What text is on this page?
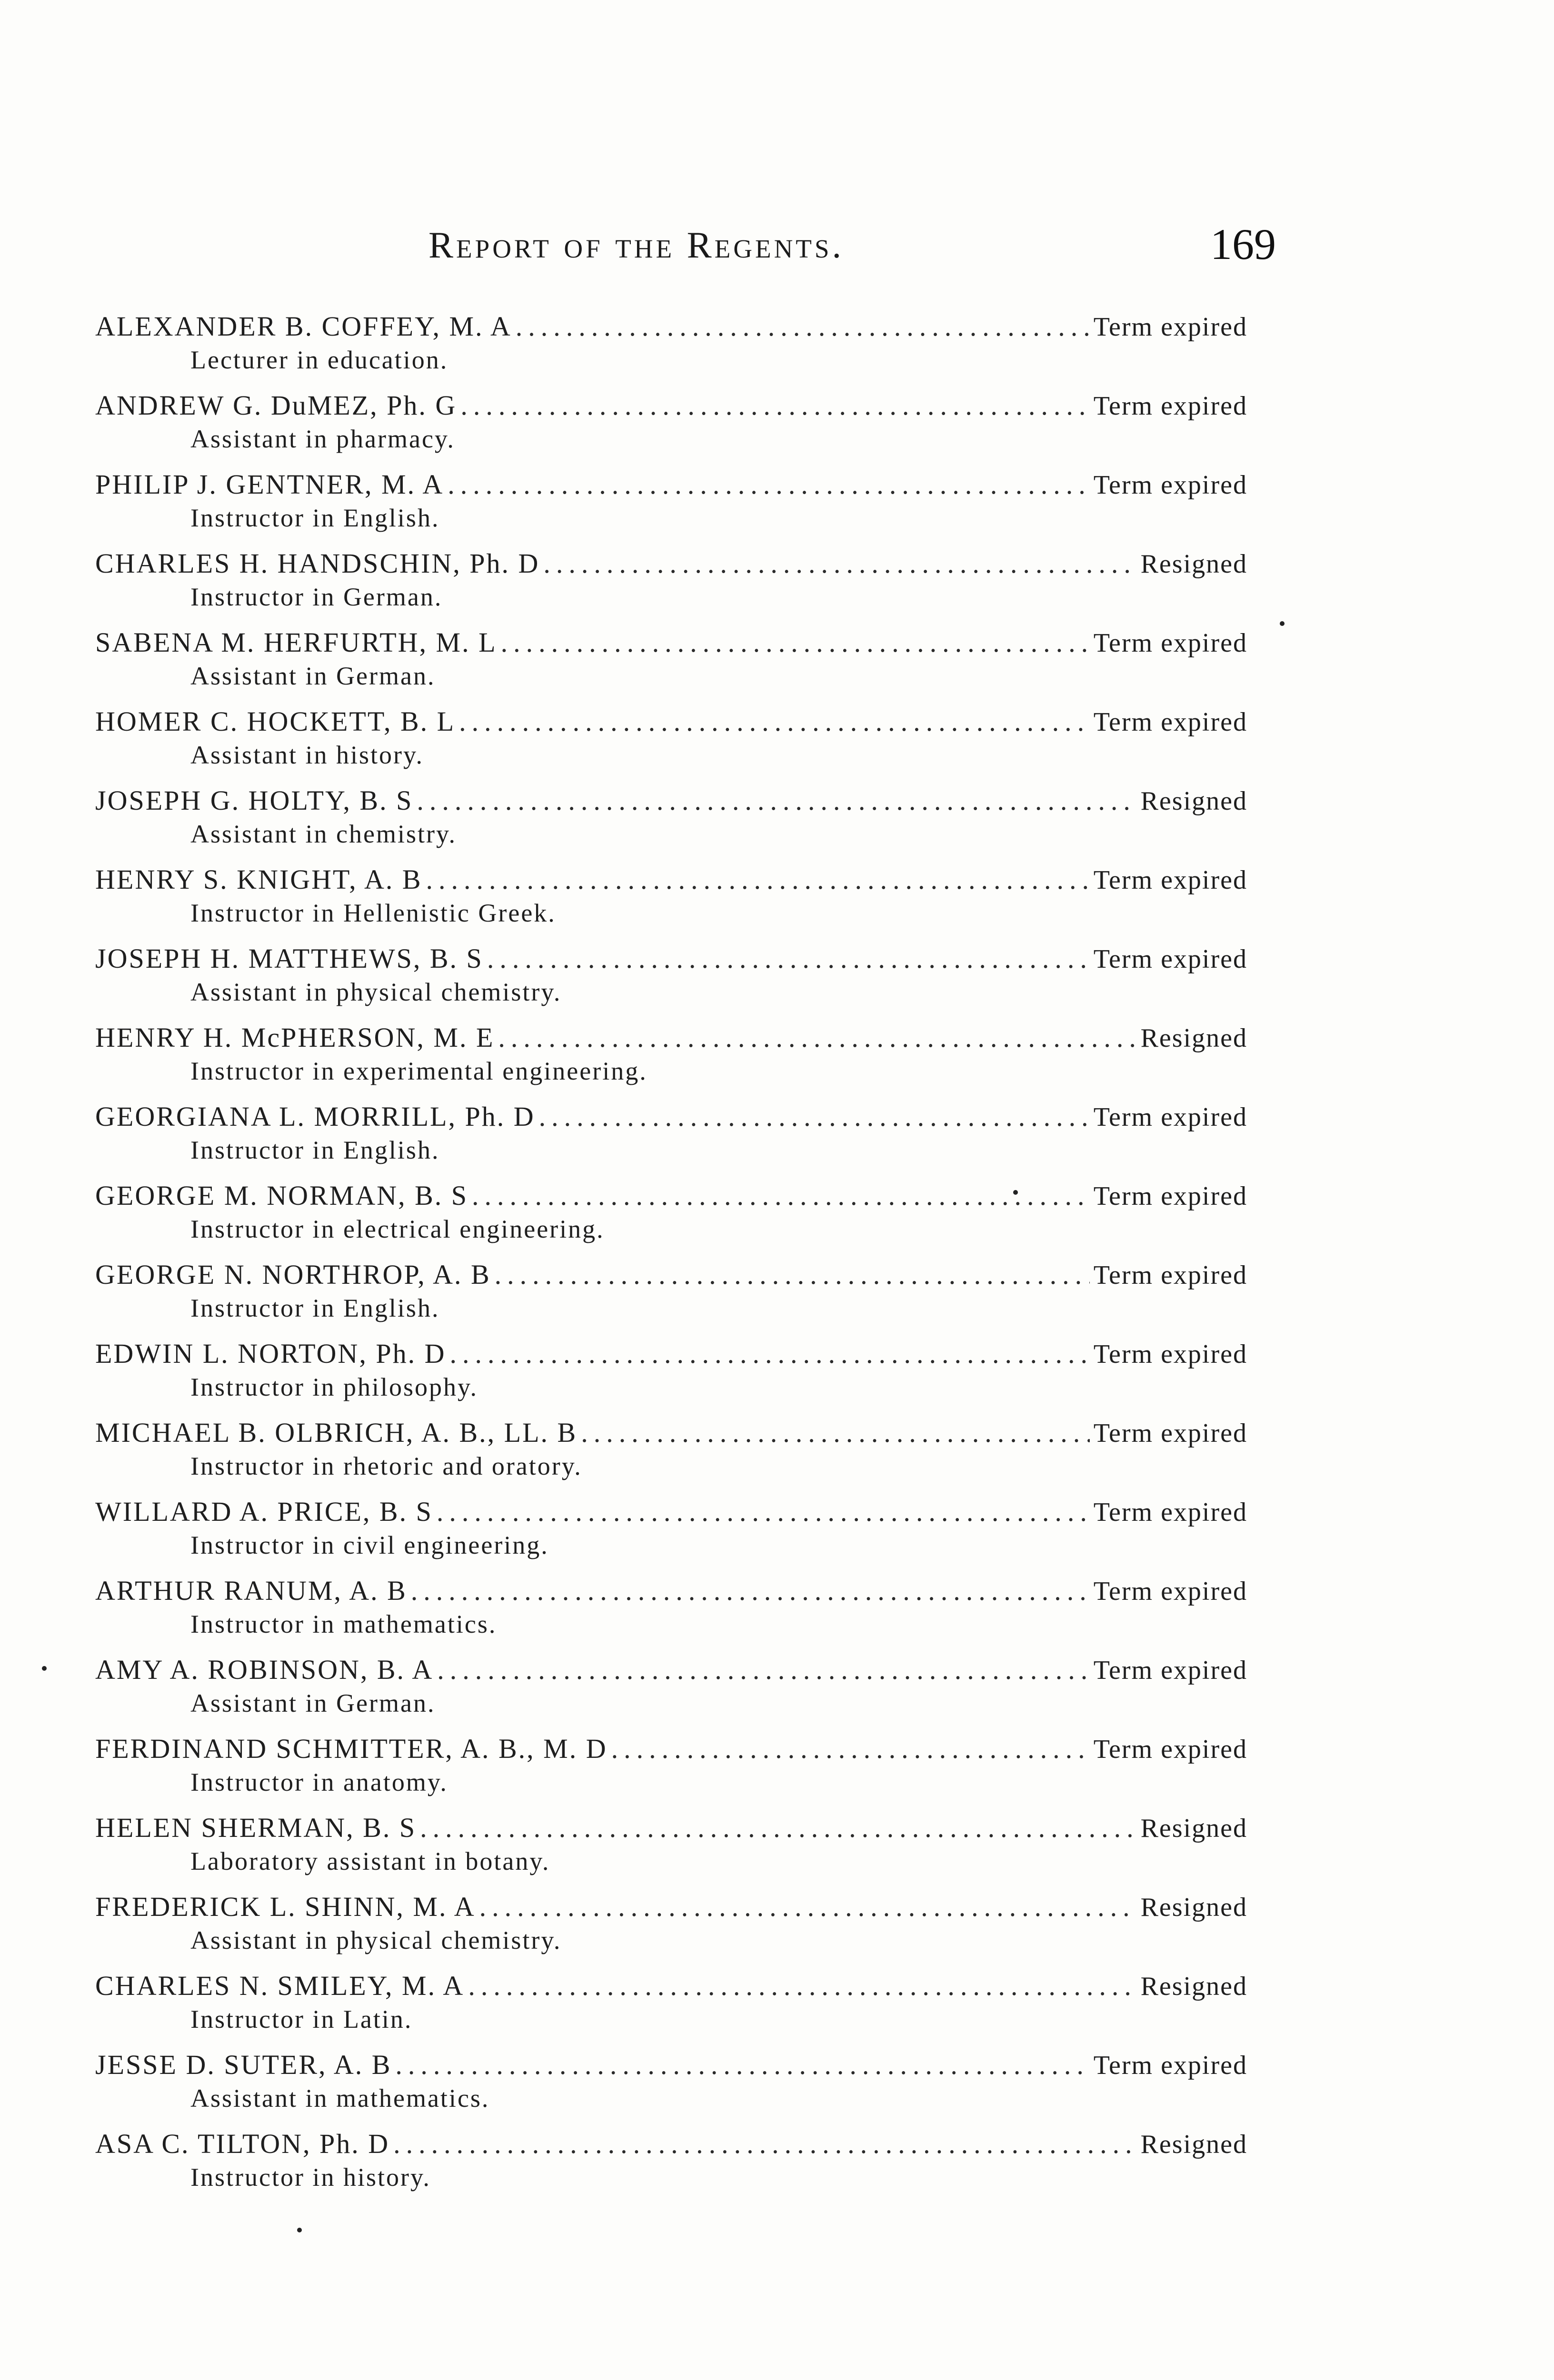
Report of the Regents.	169
ALEXANDER B. COFFEY, M. A .....	Term expired
Lecturer in education.
ANDREW G. DuMEZ, Ph. G .....	Term expired
Assistant in pharmacy.
PHILIP J. GENTNER, M. A .....	Term expired
Instructor in English.
CHARLES H. HANDSCHIN, Ph. D .....	Resigned
Instructor in German.
SABENA M. HERFURTH, M. L .....	Term expired
Assistant in German.
HOMER C. HOCKETT, B. L .....	Term expired
Assistant in history.
JOSEPH G. HOLTY, B. S .....	Resigned
Assistant in chemistry.
HENRY S. KNIGHT, A. B .....	Term expired
Instructor in Hellenistic Greek.
JOSEPH H. MATTHEWS, B. S .....	Term expired
Assistant in physical chemistry.
HENRY H. McPHERSON, M. E .....	Resigned
Instructor in experimental engineering.
GEORGIANA L. MORRILL, Ph. D .....	Term expired
Instructor in English.
GEORGE M. NORMAN, B. S .....	Term expired
Instructor in electrical engineering.
GEORGE N. NORTHROP, A. B .....	Term expired
Instructor in English.
EDWIN L. NORTON, Ph. D .....	Term expired
Instructor in philosophy.
MICHAEL B. OLBRICH, A. B., LL. B .....	Term expired
Instructor in rhetoric and oratory.
WILLARD A. PRICE, B. S .....	Term expired
Instructor in civil engineering.
ARTHUR RANUM, A. B .....	Term expired
Instructor in mathematics.
AMY A. ROBINSON, B. A .....	Term expired
Assistant in German.
FERDINAND SCHMITTER, A. B., M. D .....	Term expired
Instructor in anatomy.
HELEN SHERMAN, B. S .....	Resigned
Laboratory assistant in botany.
FREDERICK L. SHINN, M. A .....	Resigned
Assistant in physical chemistry.
CHARLES N. SMILEY, M. A .....	Resigned
Instructor in Latin.
JESSE D. SUTER, A. B .....	Term expired
Assistant in mathematics.
ASA C. TILTON, Ph. D .....	Resigned
Instructor in history.
